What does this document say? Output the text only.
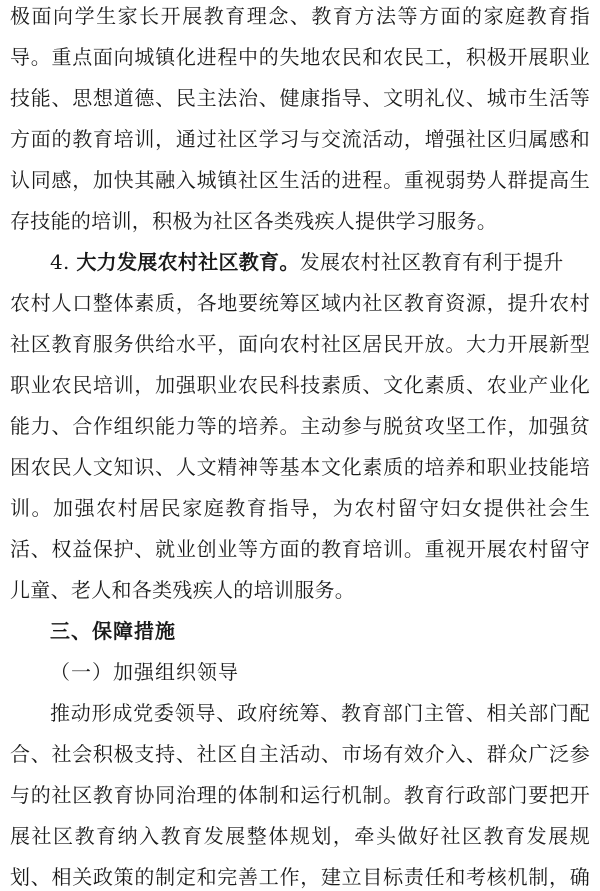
极面向学生家长开展教育理念、教育方法等方面的家庭教育指
导。重点面向城镇化进程中的失地农民和农民工，积极开展职业
技能、思想道德、民主法治、健康指导、文明礼仪、城市生活等
方面的教育培训，通过社区学习与交流活动，增强社区归属感和
认同感，加快其融入城镇社区生活的进程。重视弱势人群提高生
存技能的培训，积极为社区各类残疾人提供学习服务。
4. 大力发展农村社区教育。发展农村社区教育有利于提升
农村人口整体素质，各地要统筹区域内社区教育资源，提升农村
社区教育服务供给水平，面向农村社区居民开放。大力开展新型
职业农民培训，加强职业农民科技素质、文化素质、农业产业化
能力、合作组织能力等的培养。主动参与脱贫攻坚工作，加强贫
困农民人文知识、人文精神等基本文化素质的培养和职业技能培
训。加强农村居民家庭教育指导，为农村留守妇女提供社会生
活、权益保护、就业创业等方面的教育培训。重视开展农村留守
儿童、老人和各类残疾人的培训服务。
三、保障措施
（一）加强组织领导
推动形成党委领导、政府统筹、教育部门主管、相关部门配
合、社会积极支持、社区自主活动、市场有效介入、群众广泛参
与的社区教育协同治理的体制和运行机制。教育行政部门要把开
展社区教育纳入教育发展整体规划，牵头做好社区教育发展规
划、相关政策的制定和完善工作，建立目标责任和考核机制，确
